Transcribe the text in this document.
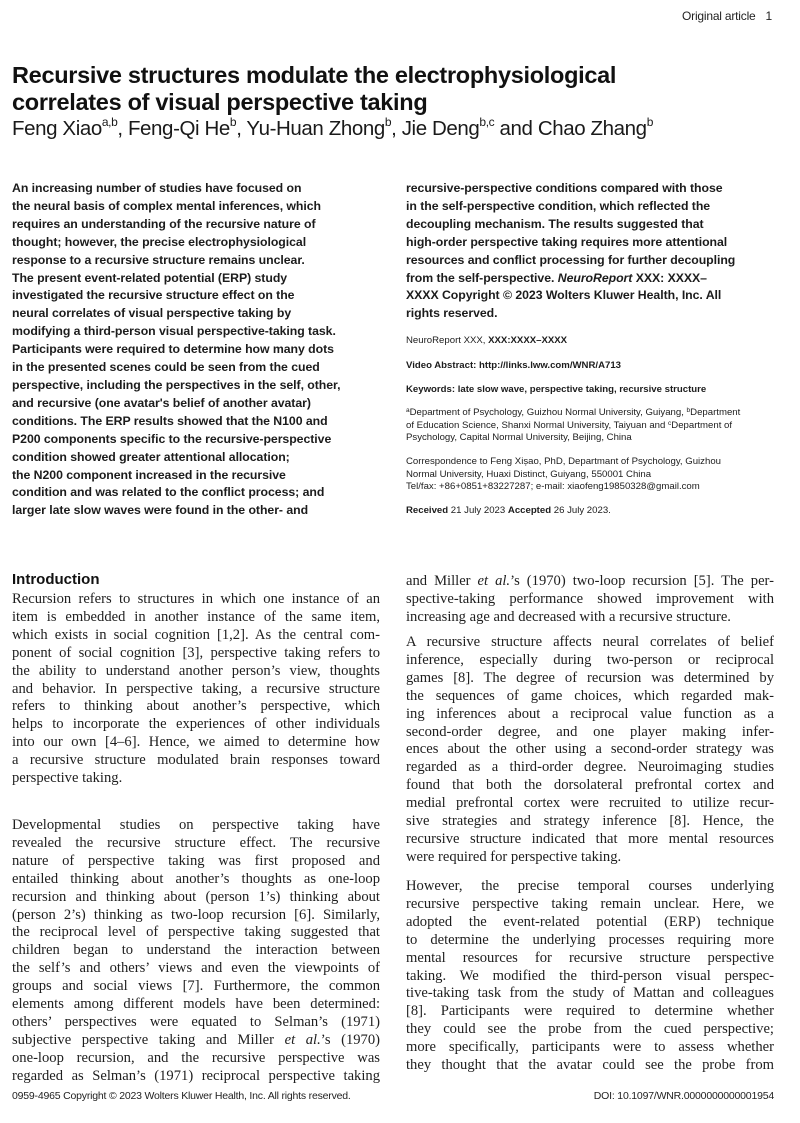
Original article 1
Recursive structures modulate the electrophysiological
correlates of visual perspective taking
Feng Xiao$^{a,b}$, Feng-Qi He$^b$, Yu-Huan Zhong$^b$, Jie Deng$^{b,c}$ and Chao Zhang$^b$
An increasing number of studies have focused on
the neural basis of complex mental inferences, which
requires an understanding of the recursive nature of
thought; however, the precise electrophysiological
response to a recursive structure remains unclear.
The present event-related potential (ERP) study
investigated the recursive structure effect on the
neural correlates of visual perspective taking by
modifying a third-person visual perspective-taking task.
Participants were required to determine how many dots
in the presented scenes could be seen from the cued
perspective, including the perspectives in the self, other,
and recursive (one avatar's belief of another avatar)
conditions. The ERP results showed that the N100 and
P200 components specific to the recursive-perspective
condition showed greater attentional allocation;
the N200 component increased in the recursive
condition and was related to the conflict process; and
larger late slow waves were found in the other- and
recursive-perspective conditions compared with those
in the self-perspective condition, which reflected the
decoupling mechanism. The results suggested that
high-order perspective taking requires more attentional
resources and conflict processing for further decoupling
from the self-perspective. NeuroReport XXX: XXXX–
XXXX Copyright © 2023 Wolters Kluwer Health, Inc. All
rights reserved.
NeuroReport XXX, XXX:XXXX–XXXX
Video Abstract: http://links.lww.com/WNR/A713
Keywords: late slow wave, perspective taking, recursive structure
$^a$Department of Psychology, Guizhou Normal University, Guiyang, $^b$Department
of Education Science, Shanxi Normal University, Taiyuan and $^c$Department of
Psychology, Capital Normal University, Beijing, China
Correspondence to Feng Xișao, PhD, Departmant of Psychology, Guizhou
Normal University, Huaxi Distinct, Guiyang, 550001 China
Tel/fax: +86+0851+83227287; e-mail: xiaofeng19850328@gmail.com
Received 21 July 2023 Accepted 26 July 2023.
Introduction
Recursion refers to structures in which one instance of an
item is embedded in another instance of the same item,
which exists in social cognition [1,2]. As the central com-
ponent of social cognition [3], perspective taking refers to
the ability to understand another person’s view, thoughts
and behavior. In perspective taking, a recursive structure
refers to thinking about another’s perspective, which
helps to incorporate the experiences of other individuals
into our own [4–6]. Hence, we aimed to determine how
a recursive structure modulated brain responses toward
perspective taking.
Developmental studies on perspective taking have
revealed the recursive structure effect. The recursive
nature of perspective taking was first proposed and
entailed thinking about another’s thoughts as one-loop
recursion and thinking about (person 1’s) thinking about
(person 2’s) thinking as two-loop recursion [6]. Similarly,
the reciprocal level of perspective taking suggested that
children began to understand the interaction between
the self’s and others’ views and even the viewpoints of
groups and social views [7]. Furthermore, the common
elements among different models have been determined:
others’ perspectives were equated to Selman’s (1971)
subjective perspective taking and Miller et al.’s (1970)
one-loop recursion, and the recursive perspective was
regarded as Selman’s (1971) reciprocal perspective taking
and Miller et al.’s (1970) two-loop recursion [5]. The per-
spective-taking performance showed improvement with
increasing age and decreased with a recursive structure.
A recursive structure affects neural correlates of belief
inference, especially during two-person or reciprocal
games [8]. The degree of recursion was determined by
the sequences of game choices, which regarded mak-
ing inferences about a reciprocal value function as a
second-order degree, and one player making infer-
ences about the other using a second-order strategy was
regarded as a third-order degree. Neuroimaging studies
found that both the dorsolateral prefrontal cortex and
medial prefrontal cortex were recruited to utilize recur-
sive strategies and strategy inference [8]. Hence, the
recursive structure indicated that more mental resources
were required for perspective taking.
However, the precise temporal courses underlying
recursive perspective taking remain unclear. Here, we
adopted the event-related potential (ERP) technique
to determine the underlying processes requiring more
mental resources for recursive structure perspective
taking. We modified the third-person visual perspec-
tive-taking task from the study of Mattan and colleagues
[8]. Participants were required to determine whether
they could see the probe from the cued perspective;
more specifically, participants were to assess whether
they thought that the avatar could see the probe from
0959-4965 Copyright © 2023 Wolters Kluwer Health, Inc. All rights reserved.	DOI: 10.1097/WNR.0000000000001954
